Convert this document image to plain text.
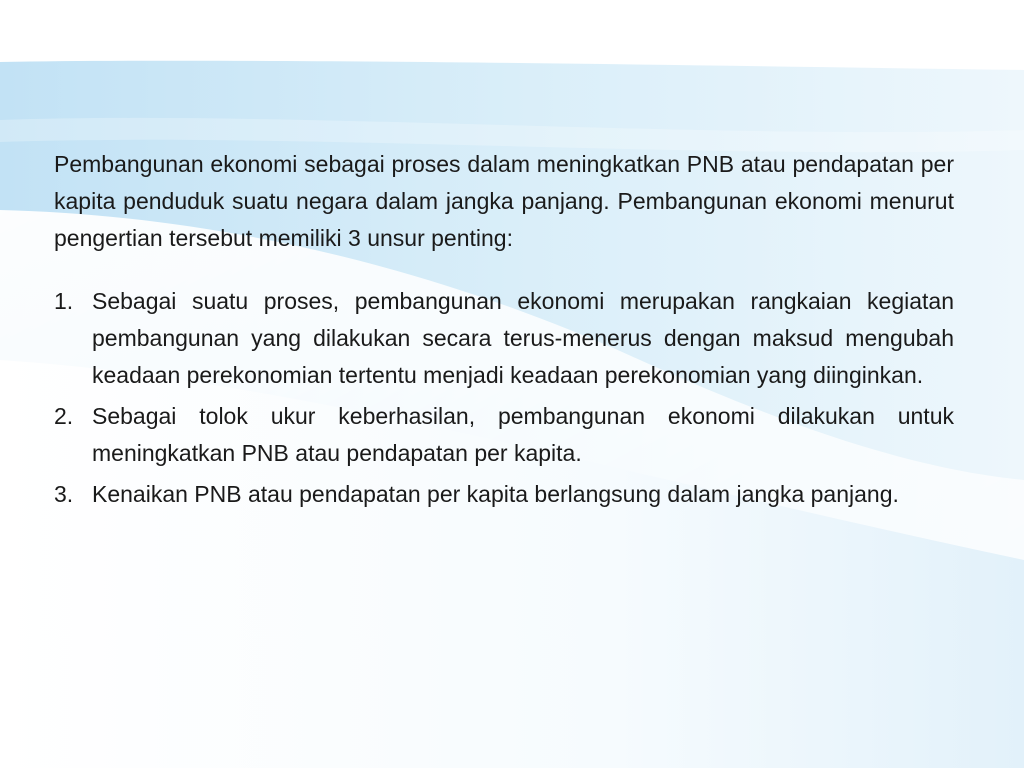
Pembangunan ekonomi sebagai proses dalam meningkatkan PNB atau pendapatan per kapita penduduk suatu negara dalam jangka panjang. Pembangunan ekonomi menurut pengertian tersebut memiliki 3 unsur penting:

1. Sebagai suatu proses, pembangunan ekonomi merupakan rangkaian kegiatan pembangunan yang dilakukan secara terus-menerus dengan maksud mengubah keadaan perekonomian tertentu menjadi keadaan perekonomian yang diinginkan.
2. Sebagai tolok ukur keberhasilan, pembangunan ekonomi dilakukan untuk meningkatkan PNB atau pendapatan per kapita.
3. Kenaikan PNB atau pendapatan per kapita berlangsung dalam jangka panjang.
